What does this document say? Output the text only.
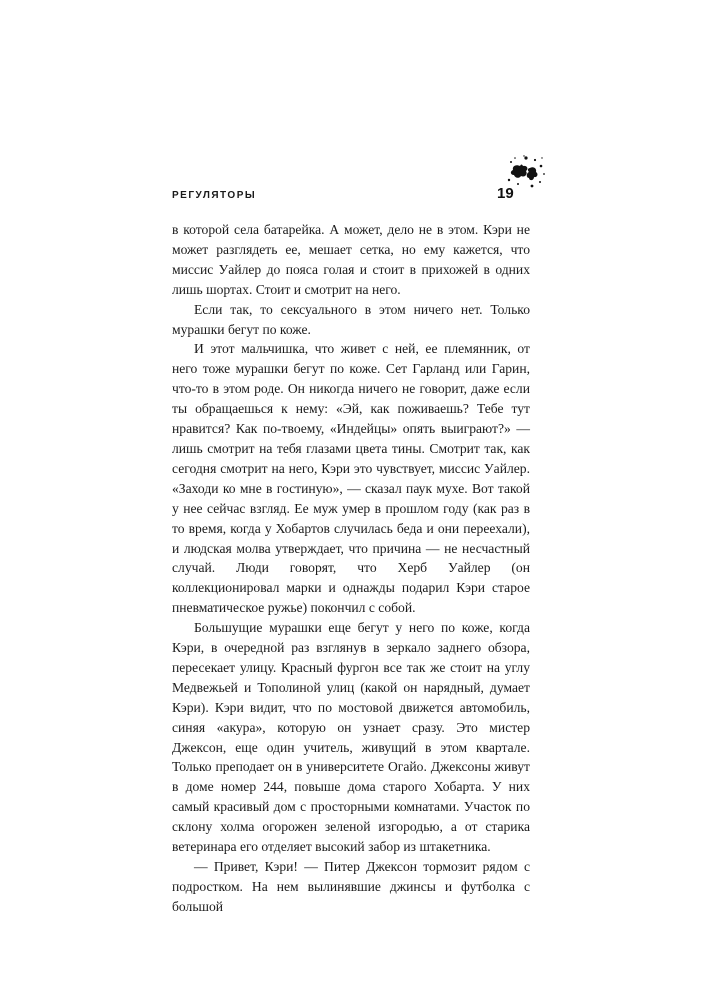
РЕГУЛЯТОРЫ	19

в которой села батарейка. А может, дело не в этом. Кэри не может разглядеть ее, мешает сетка, но ему кажется, что миссис Уайлер до пояса голая и стоит в прихожей в одних лишь шортах. Стоит и смотрит на него.

Если так, то сексуального в этом ничего нет. Только мурашки бегут по коже.

И этот мальчишка, что живет с ней, ее племянник, от него тоже мурашки бегут по коже. Сет Гарланд или Гарин, что-то в этом роде. Он никогда ничего не говорит, даже если ты обращаешься к нему: «Эй, как поживаешь? Тебе тут нравится? Как по-твоему, «Индейцы» опять выиграют?» — лишь смотрит на тебя глазами цвета тины. Смотрит так, как сегодня смотрит на него, Кэри это чувствует, миссис Уайлер. «Заходи ко мне в гостиную», — сказал паук мухе. Вот такой у нее сейчас взгляд. Ее муж умер в прошлом году (как раз в то время, когда у Хобартов случилась беда и они переехали), и людская молва утверждает, что причина — не несчастный случай. Люди говорят, что Херб Уайлер (он коллекционировал марки и однажды подарил Кэри старое пневматическое ружье) покончил с собой.

Большущие мурашки еще бегут у него по коже, когда Кэри, в очередной раз взглянув в зеркало заднего обзора, пересекает улицу. Красный фургон все так же стоит на углу Медвежьей и Тополиной улиц (какой он нарядный, думает Кэри). Кэри видит, что по мостовой движется автомобиль, синяя «акура», которую он узнает сразу. Это мистер Джексон, еще один учитель, живущий в этом квартале. Только преподает он в университете Огайо. Джексоны живут в доме номер 244, повыше дома старого Хобарта. У них самый красивый дом с просторными комнатами. Участок по склону холма огорожен зеленой изгородью, а от старика ветеринара его отделяет высокий забор из штакетника.

— Привет, Кэри! — Питер Джексон тормозит рядом с подростком. На нем вылинявшие джинсы и футболка с большой
